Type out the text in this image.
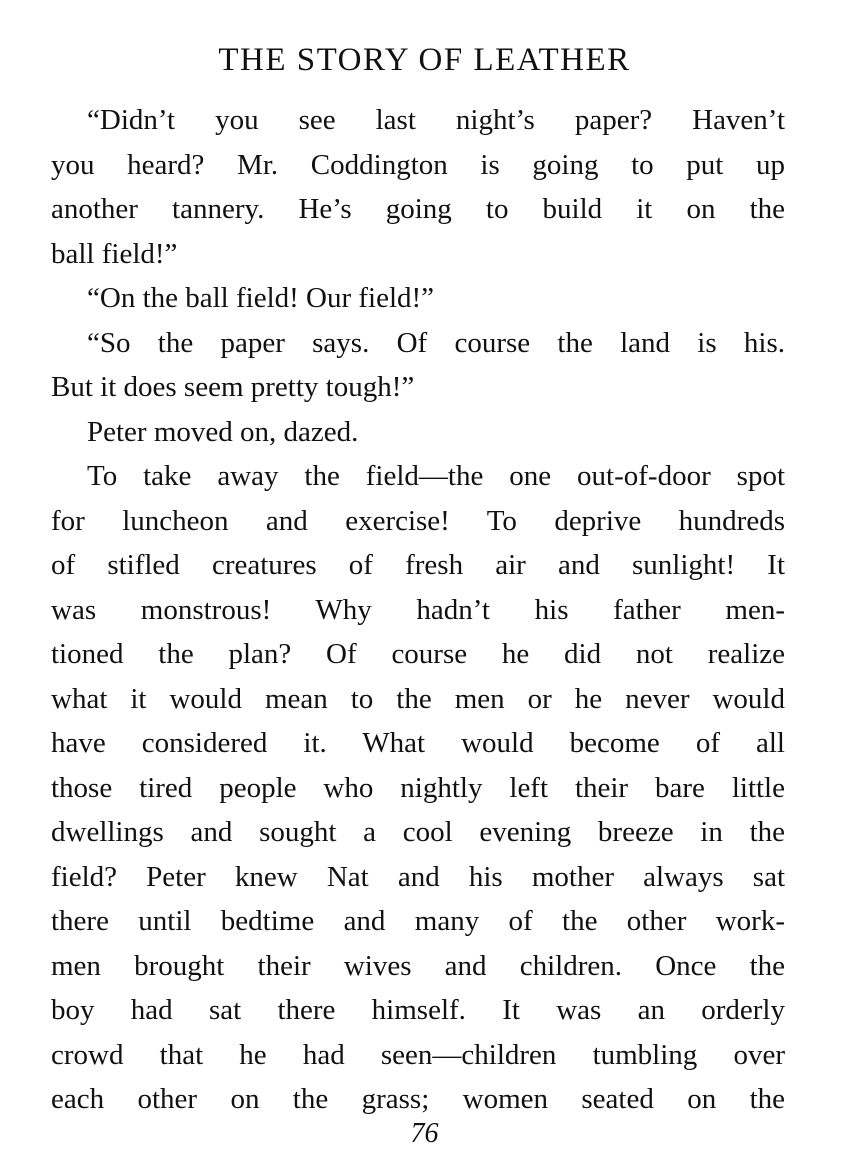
THE STORY OF LEATHER
“Didn’t you see last night’s paper? Haven’t
you heard? Mr. Coddington is going to put up
another tannery. He’s going to build it on the
ball field!”
“On the ball field! Our field!”
“So the paper says. Of course the land is his.
But it does seem pretty tough!”
Peter moved on, dazed.
To take away the field—the one out-of-door spot
for luncheon and exercise! To deprive hundreds
of stifled creatures of fresh air and sunlight! It
was monstrous! Why hadn’t his father men-
tioned the plan? Of course he did not realize
what it would mean to the men or he never would
have considered it. What would become of all
those tired people who nightly left their bare little
dwellings and sought a cool evening breeze in the
field? Peter knew Nat and his mother always sat
there until bedtime and many of the other work-
men brought their wives and children. Once the
boy had sat there himself. It was an orderly
crowd that he had seen—children tumbling over
each other on the grass; women seated on the
76
